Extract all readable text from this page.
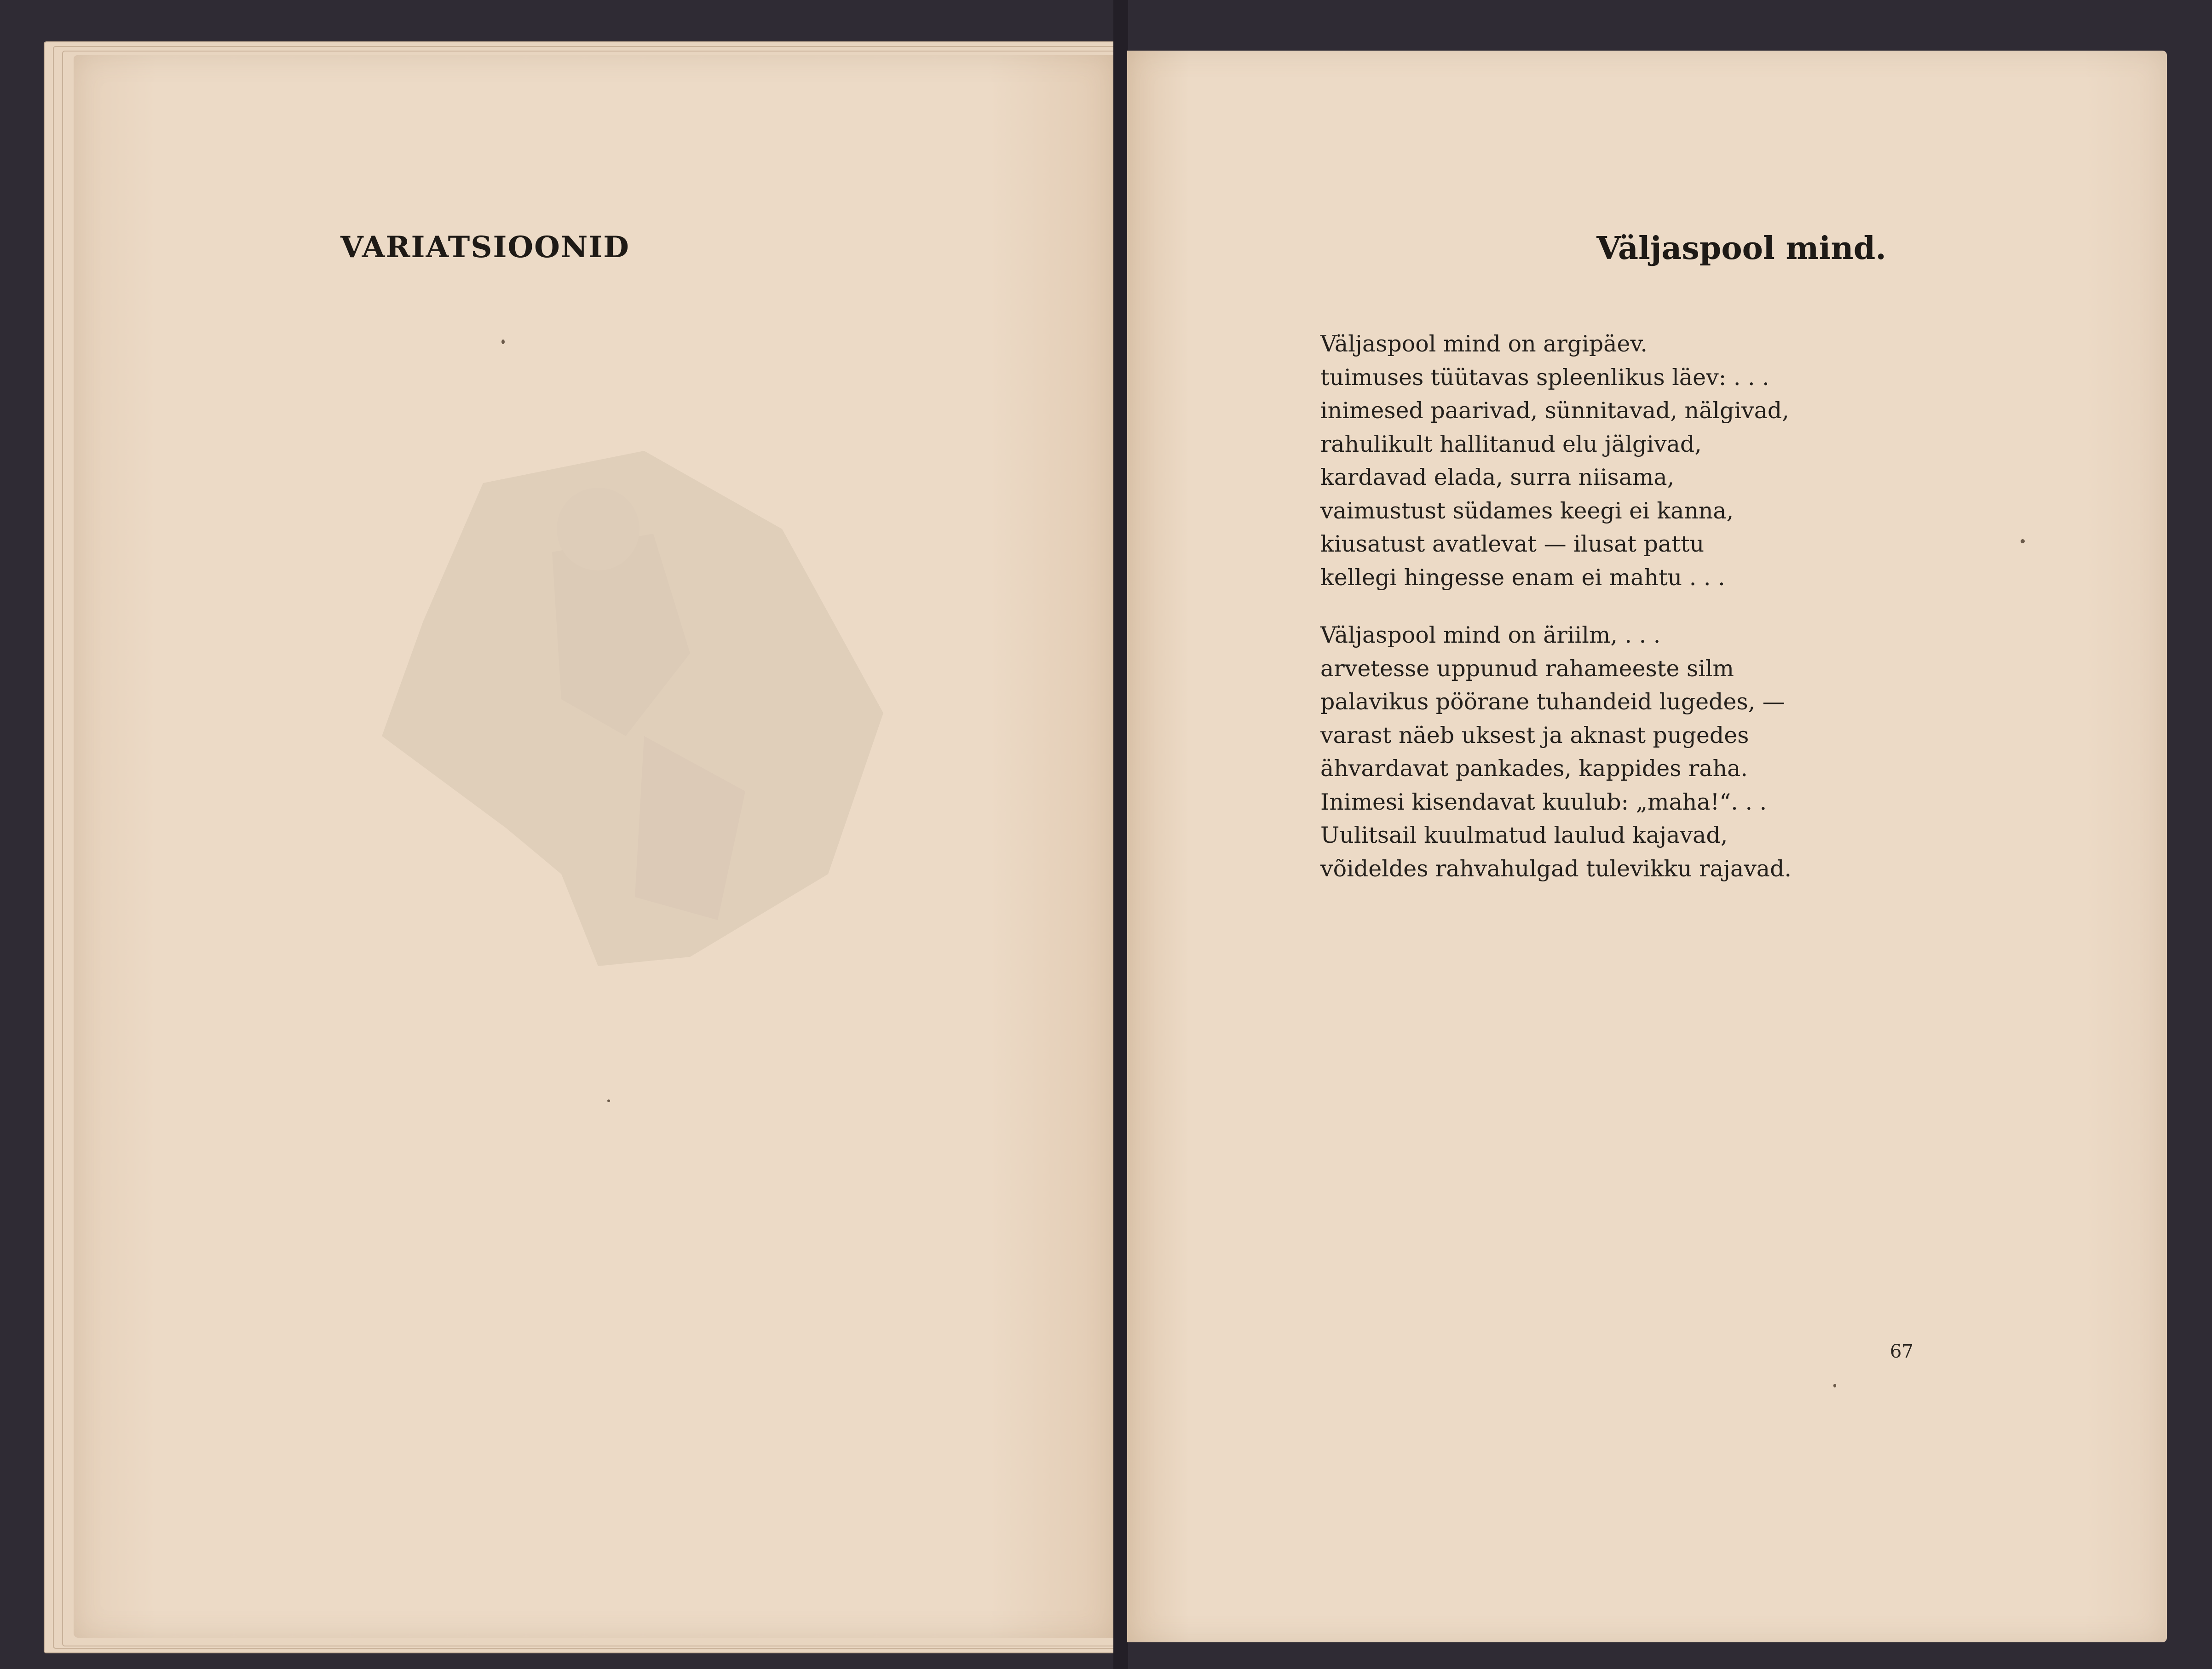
VARIATSIOONID	Väljaspool mind.
Väljaspool mind on argipäev.
tuimuses tüütavas spleenlikus läev: . . .
inimesed paarivad, sünnitavad, nälgivad,
rahulikult hallitanud elu jälgivad,
kardavad elada, surra niisama,
vaimustust südames keegi ei kanna,
kiusatust avatlevat — ilusat pattu
kellegi hingesse enam ei mahtu . . .
Väljaspool mind on äriilm, . . .
arvetesse uppunud rahameeste silm
palavikus pöörane tuhandeid lugedes, —
varast näeb uksest ja aknast pugedes
ähvardavat pankades, kappides raha.
Inimesi kisendavat kuulub: „maha!“. . .
Uulitsail kuulmatud laulud kajavad,
võideldes rahvahulgad tulevikku rajavad.
67
